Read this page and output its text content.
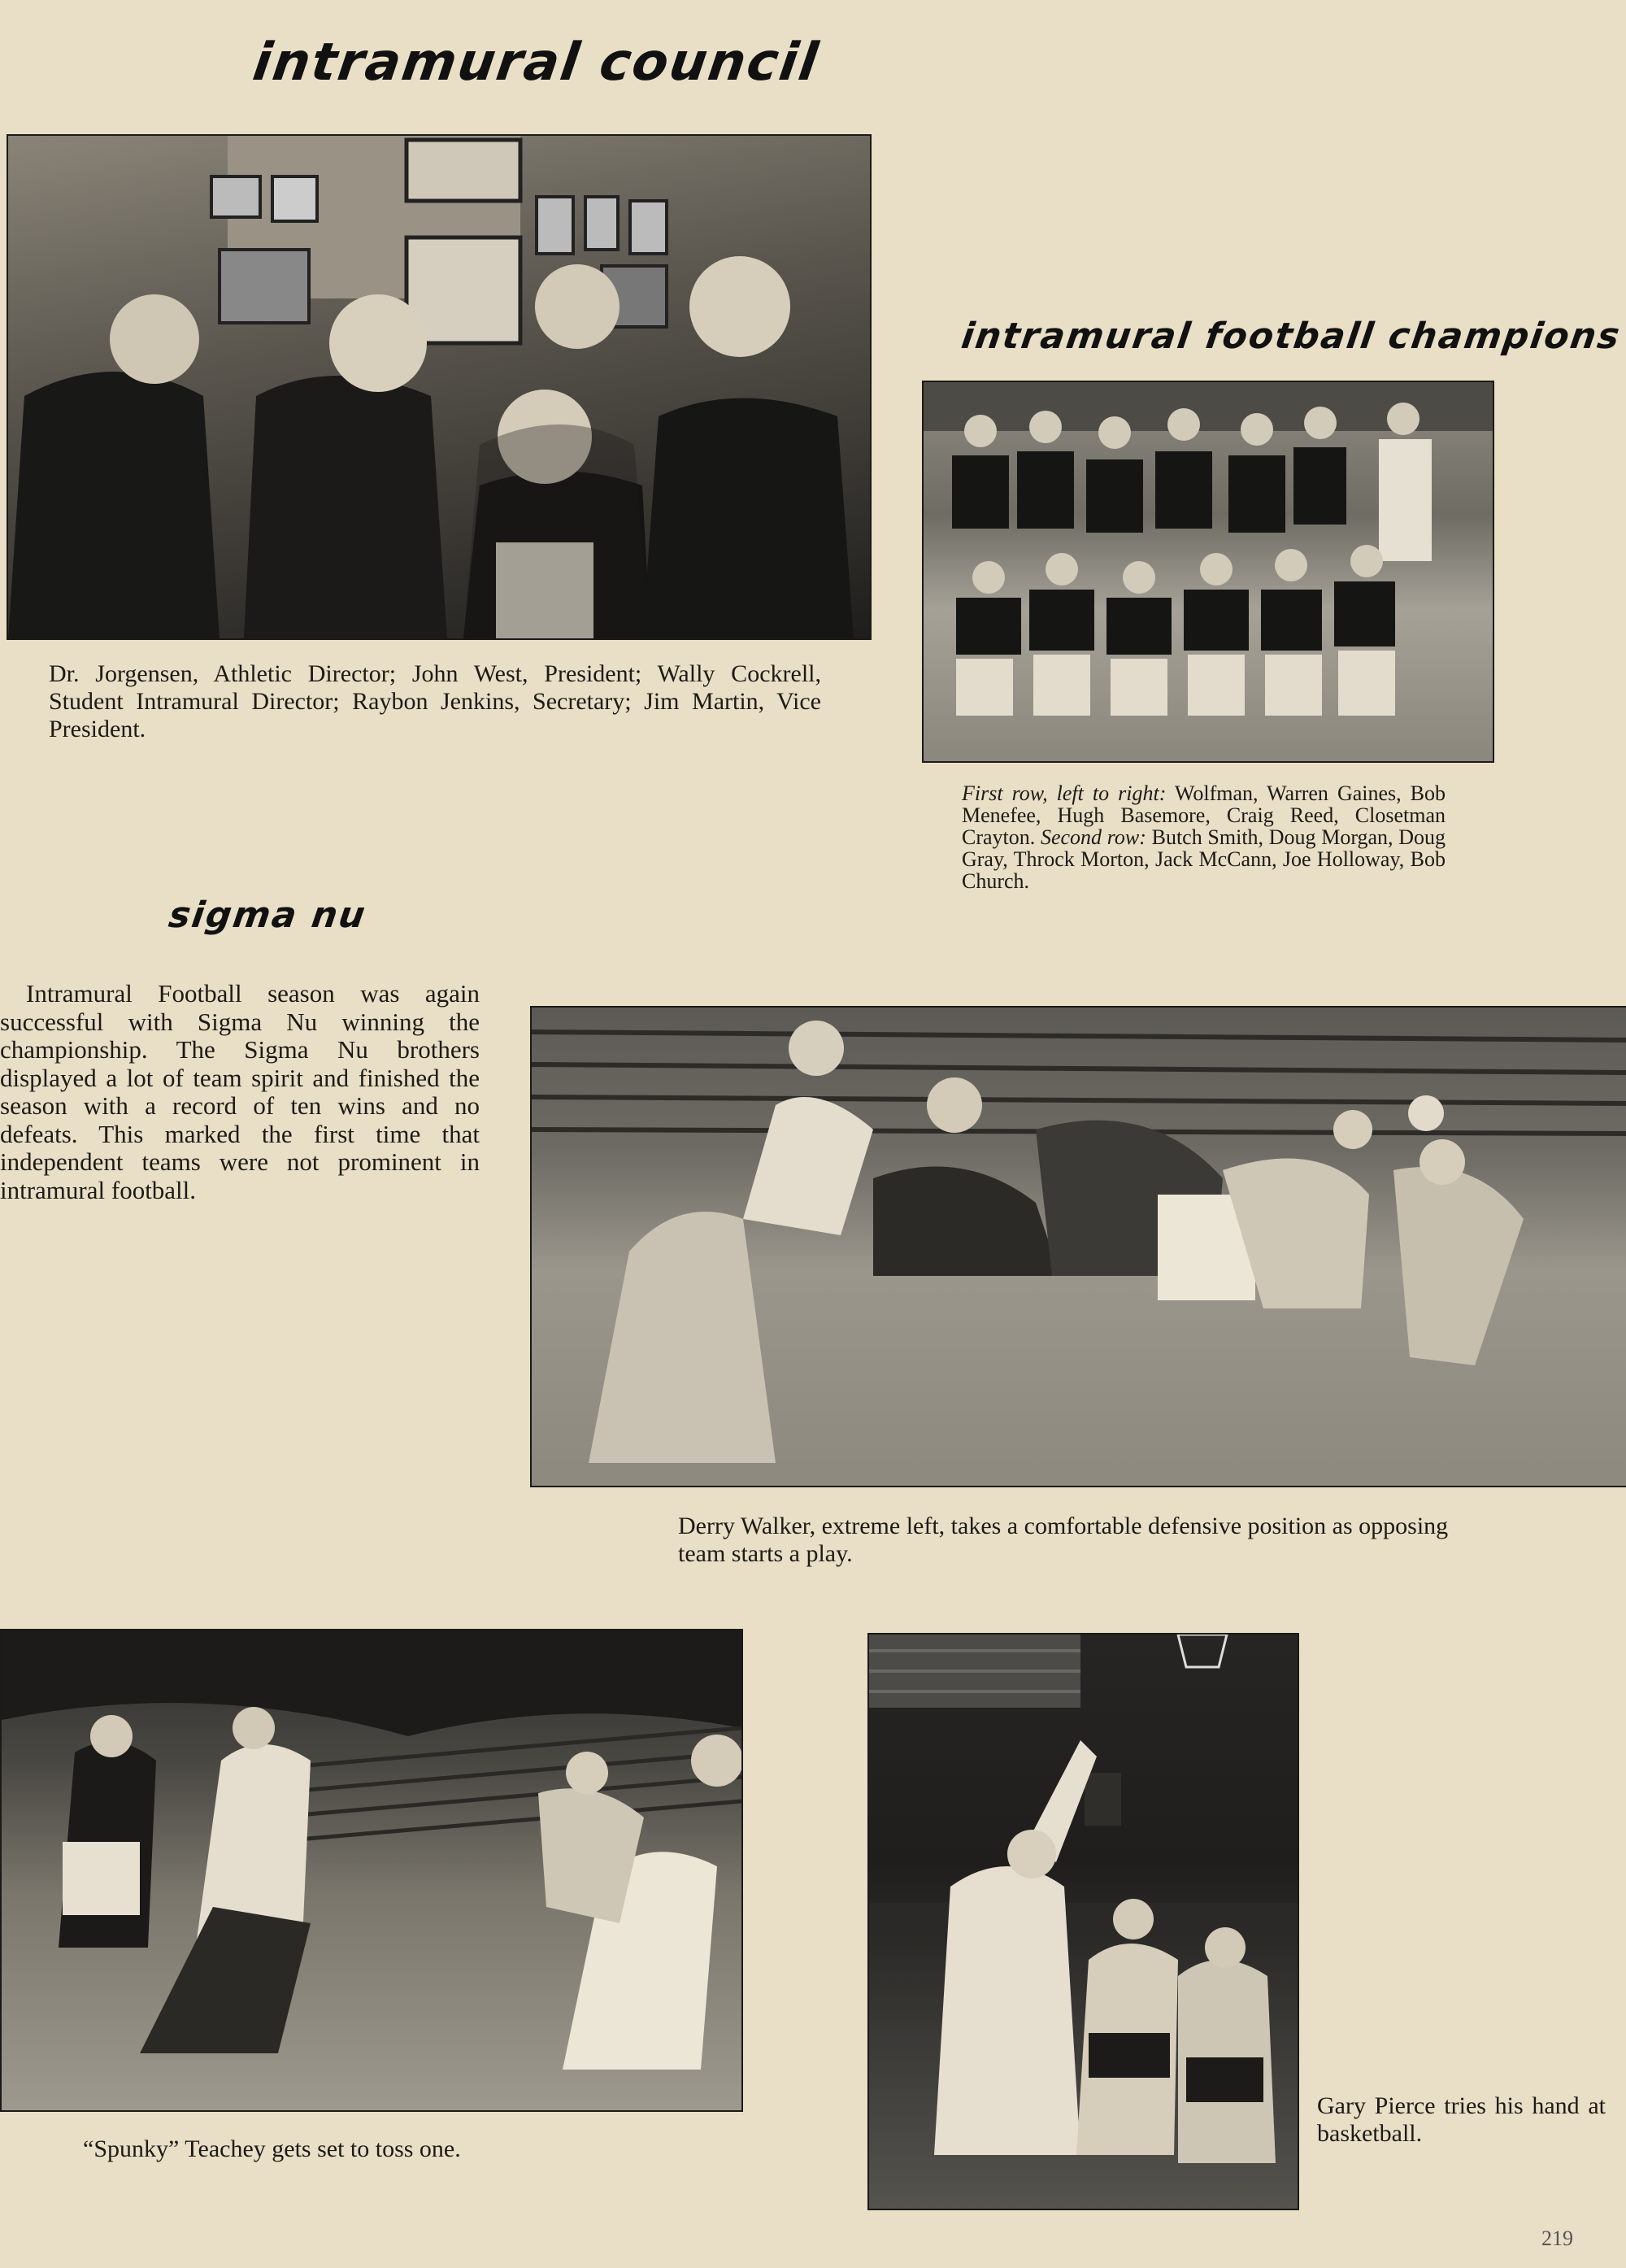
intramural council
intramural football champions
sigma nu
Dr. Jorgensen, Athletic Director; John West, President; Wally Cockrell, Student Intramural Director; Raybon Jenkins, Secretary; Jim Martin, Vice President.
First row, left to right: Wolfman, Warren Gaines, Bob Menefee, Hugh Basemore, Craig Reed, Closetman Crayton. Second row: Butch Smith, Doug Morgan, Doug Gray, Throck Morton, Jack McCann, Joe Holloway, Bob Church.
Intramural Football season was again successful with Sigma Nu winning the championship. The Sigma Nu brothers displayed a lot of team spirit and finished the season with a record of ten wins and no defeats. This marked the first time that independent teams were not prominent in intramural football.
Derry Walker, extreme left, takes a comfortable defensive position as opposing team starts a play.
“Spunky” Teachey gets set to toss one.
Gary Pierce tries his hand at basketball.
219
